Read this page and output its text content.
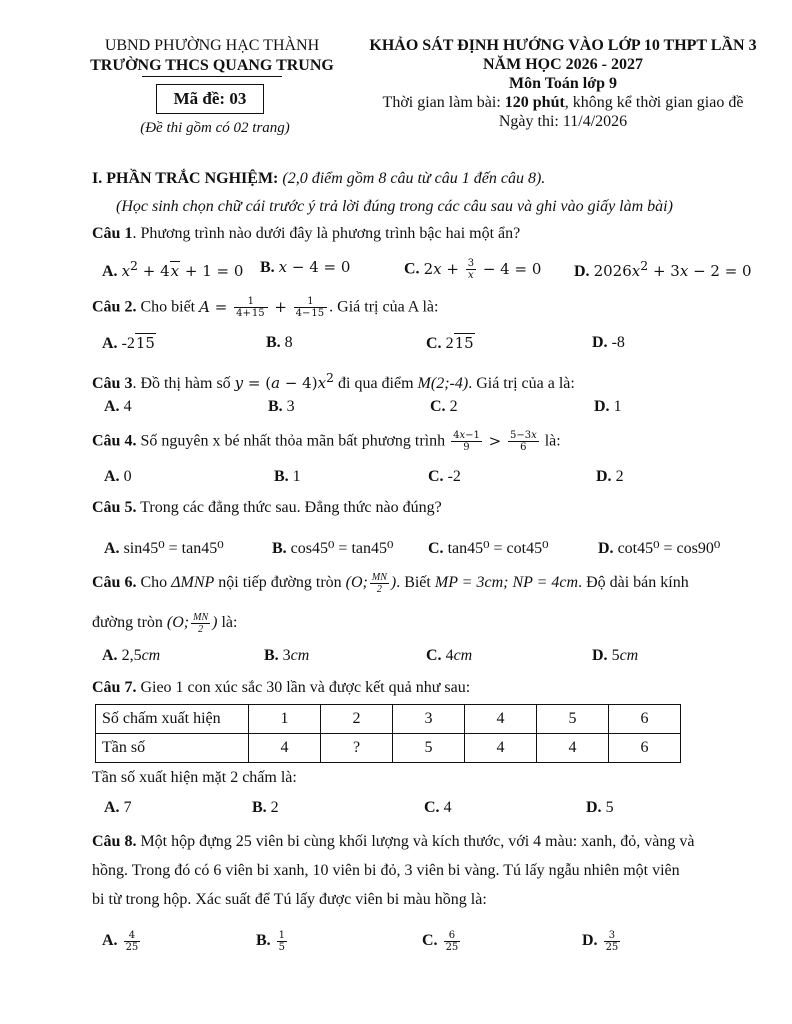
UBND PHƯỜNG HẠC THÀNH
TRƯỜNG THCS QUANG TRUNG
Mã đề: 03
(Đề thi gồm có 02 trang)
KHẢO SÁT ĐỊNH HƯỚNG VÀO LỚP 10 THPT LẦN 3
NĂM HỌC 2026 - 2027
Môn Toán lớp 9
Thời gian làm bài: 120 phút, không kể thời gian giao đề
Ngày thi: 11/4/2026
I. PHẦN TRẮC NGHIỆM: (2,0 điểm gồm 8 câu từ câu 1 đến câu 8).
(Học sinh chọn chữ cái trước ý trả lời đúng trong các câu sau và ghi vào giấy làm bài)
Câu 1. Phương trình nào dưới đây là phương trình bậc hai một ẩn?
A. $x^2 + 4x + 1 = 0$ B. x − 4 = 0	C. $2x + \frac{3}{x} - 4 = 0$ D. $2026x^2 + 3x - 2 = 0$
Câu 2. Cho biết $A = \frac{1}{4+15} + \frac{1}{4-15}$ . Giá trị của A là:
A. -215	B. 8	C. 215	D. -8
Câu 3. Đồ thị hàm số $y = (a - 4)x^2$ đi qua điểm M(2;-4). Giá trị của a là:
A. 4	B. 3	C. 2	D. 1
Câu 4. Số nguyên x bé nhất thỏa mãn bất phương trình $\frac{4x-1}{9} > \frac{5-3x}{6}$ là:
A. 0	B. 1	C. -2	D. 2
Câu 5. Trong các đẳng thức sau. Đẳng thức nào đúng?
A. sin45⁰ = tan45⁰	B. cos45⁰ = tan45⁰ C. tan45⁰ = cot45⁰	D. cot45⁰ = cos90⁰
Câu 6. Cho ΔMNP nội tiếp đường tròn (O; $\frac{MN}{2}$ ). Biết MP = 3cm; NP = 4cm. Độ dài bán kính
đường tròn (O; $\frac{MN}{2}$ ) là:
A. 2,5cm	B. 3cm	C. 4cm	D. 5cm
Câu 7. Gieo 1 con xúc sắc 30 lần và được kết quả như sau:
Số chấm xuất hiện	1	2	3	4	5	6
Tần số	4	?	5	4	4	6
Tần số xuất hiện mặt 2 chấm là:
A. 7	B. 2	C. 4	D. 5
Câu 8. Một hộp đựng 25 viên bi cùng khối lượng và kích thước, với 4 màu: xanh, đỏ, vàng và
hồng. Trong đó có 6 viên bi xanh, 10 viên bi đỏ, 3 viên bi vàng. Tú lấy ngẫu nhiên một viên
bi từ trong hộp. Xác suất để Tú lấy được viên bi màu hồng là:
A. $\frac{4}{25}$	B. $\frac{1}{5}$	C. $\frac{6}{25}$	D. $\frac{3}{25}$
